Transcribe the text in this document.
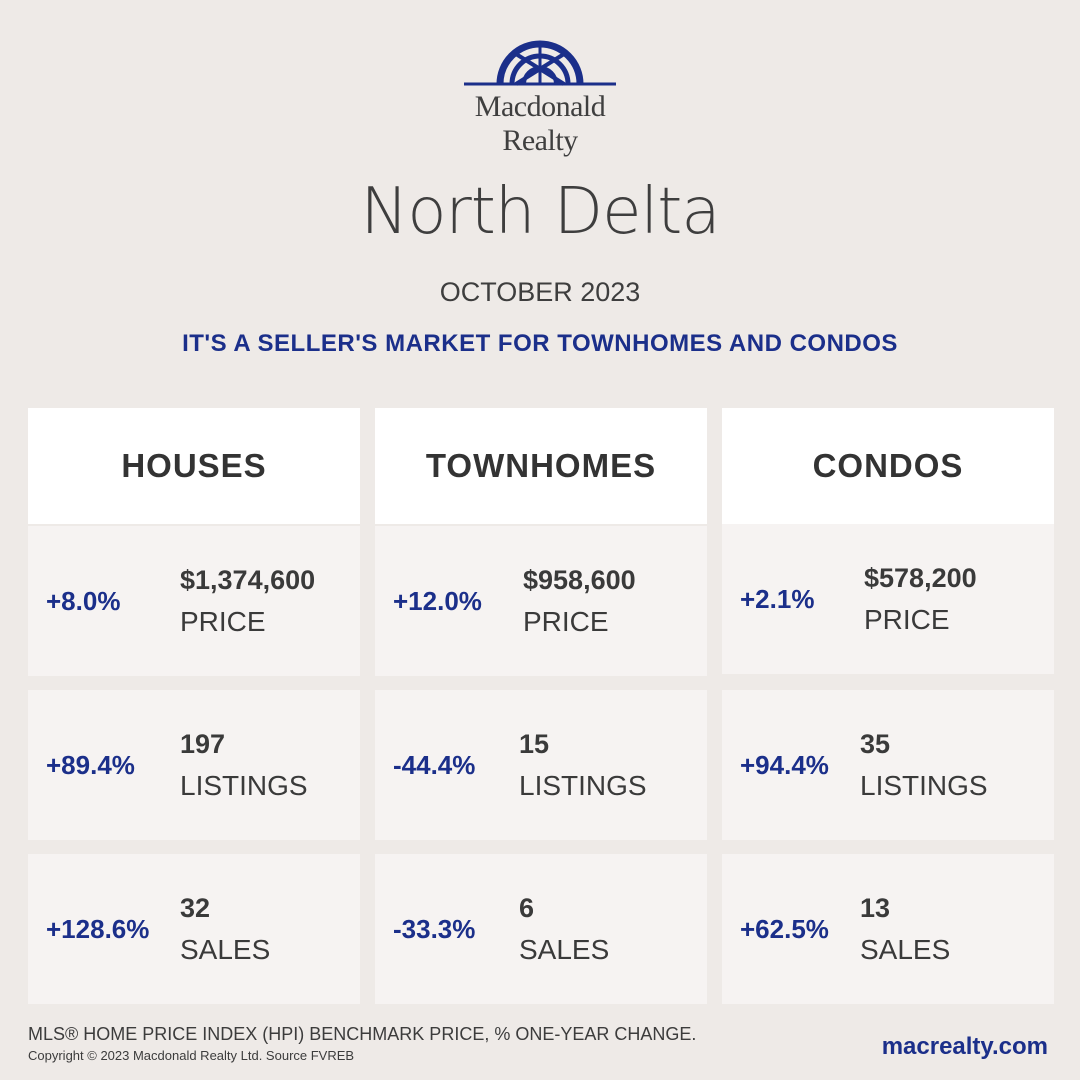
Macdonald
Realty
North Delta
OCTOBER 2023
IT'S A SELLER'S MARKET FOR TOWNHOMES AND CONDOS
HOUSES
+8.0%
$1,374,600
PRICE
+89.4%
197
LISTINGS
+128.6%
32
SALES
TOWNHOMES
+12.0%
$958,600
PRICE
-44.4%
15
LISTINGS
-33.3%
6
SALES
CONDOS
+2.1%
$578,200
PRICE
+94.4%
35
LISTINGS
+62.5%
13
SALES
MLS® HOME PRICE INDEX (HPI) BENCHMARK PRICE, % ONE-YEAR CHANGE.
Copyright © 2023 Macdonald Realty Ltd. Source FVREB	macrealty.com
